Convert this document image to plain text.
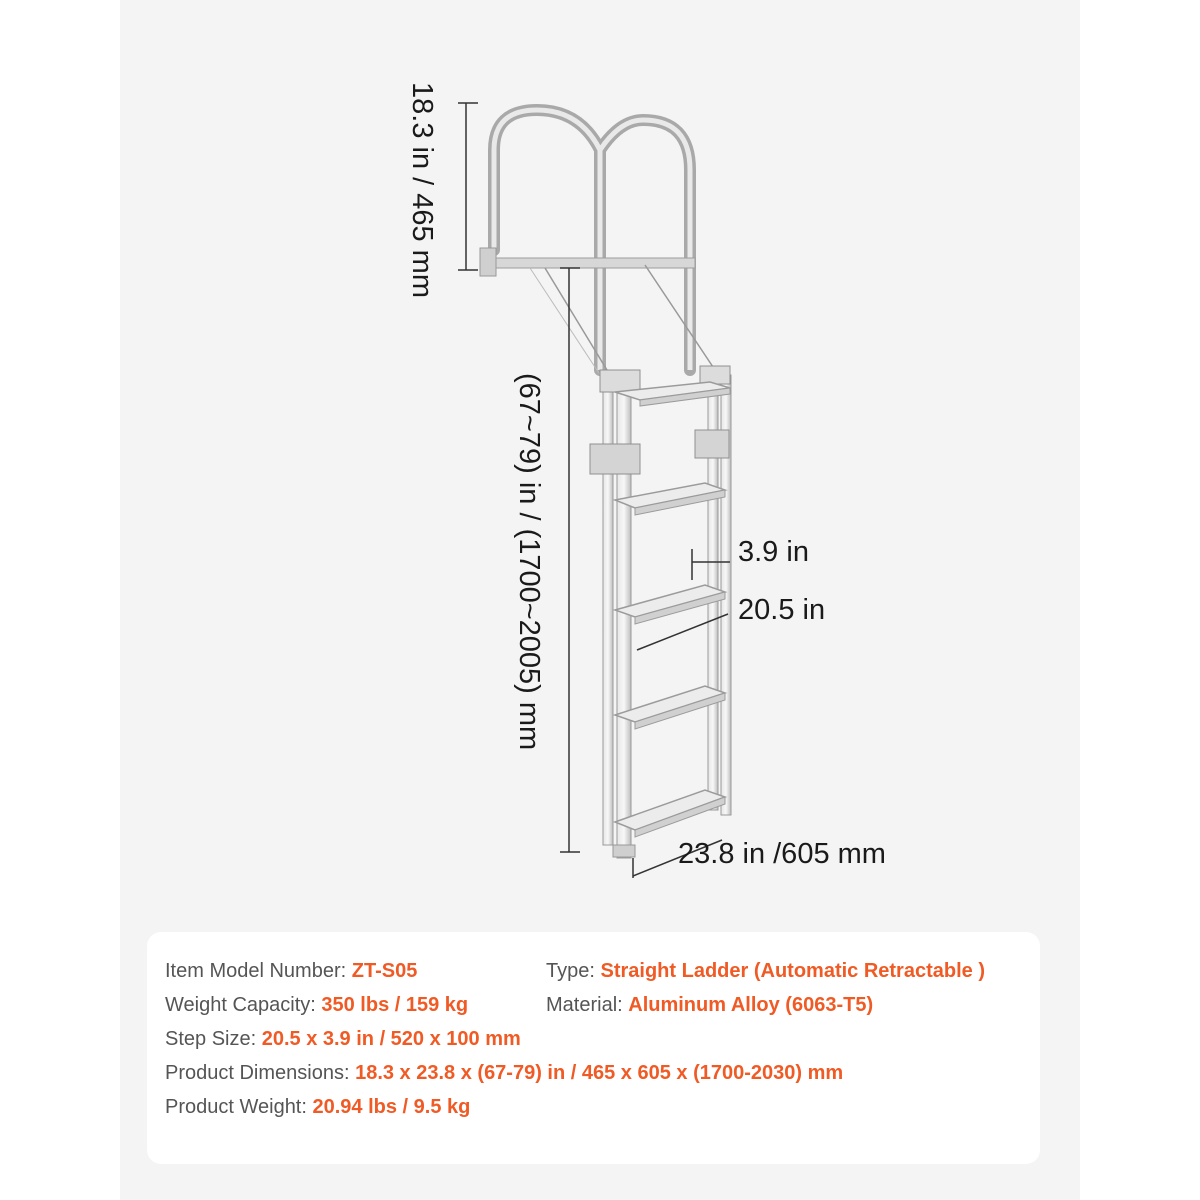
18.3 in / 465 mm
(67~79) in / (1700~2005) mm	3.9 in
20.5 in
23.8 in /605 mm
Item Model Number: ZT-S05	Type: Straight Ladder (Automatic Retractable )
Weight Capacity: 350 lbs / 159 kg	Material: Aluminum Alloy (6063-T5)
Step Size: 20.5 x 3.9 in / 520 x 100 mm
Product Dimensions: 18.3 x 23.8 x (67-79) in / 465 x 605 x (1700-2030) mm
Product Weight: 20.94 lbs / 9.5 kg
